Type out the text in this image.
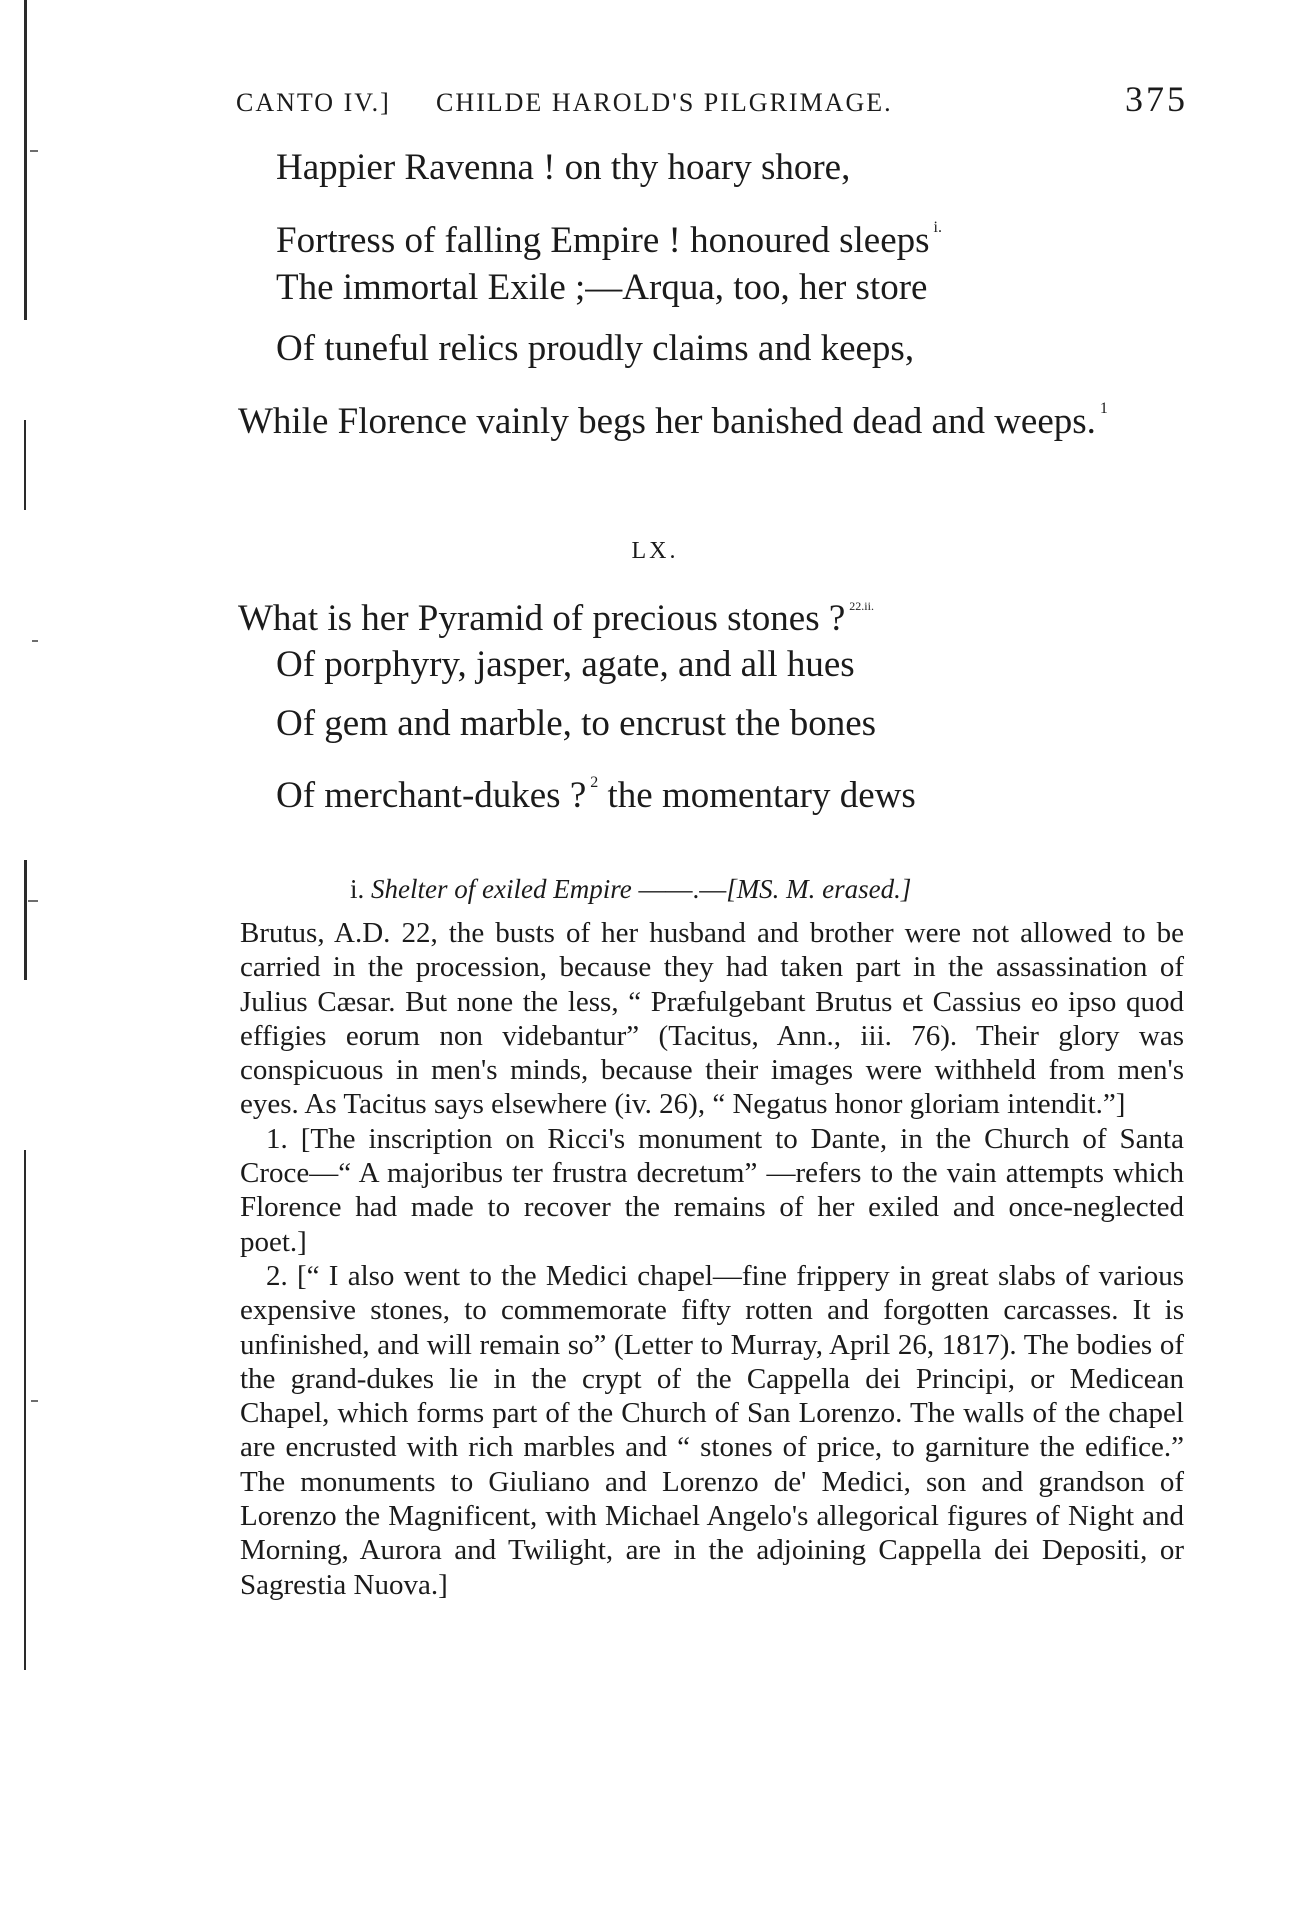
CANTO IV.] CHILDE HAROLD'S PILGRIMAGE.	375
Happier Ravenna ! on thy hoary shore,
Fortress of falling Empire ! honoured sleeps $^{i.}$
The immortal Exile ;—Arqua, too, her store
Of tuneful relics proudly claims and keeps,
While Florence vainly begs her banished dead and weeps. $^1$
LX.
What is her Pyramid of precious stones ? $^{22.ii.}$
Of porphyry, jasper, agate, and all hues
Of gem and marble, to encrust the bones
Of merchant-dukes ? $^2$ the momentary dews
i. Shelter of exiled Empire ——.—[MS. M. erased.]

Brutus, A.D. 22, the busts of her husband and brother were not allowed to be carried in the procession, because they had taken part in the assassination of Julius Cæsar. But none the less, “ Præfulgebant Brutus et Cassius eo ipso quod effigies eorum non videbantur” (Tacitus, Ann., iii. 76). Their glory was conspicuous in men's minds, because their images were withheld from men's eyes. As Tacitus says elsewhere (iv. 26), “ Negatus honor gloriam intendit.”]

1. [The inscription on Ricci's monument to Dante, in the Church of Santa Croce—“ A majoribus ter frustra decretum” —refers to the vain attempts which Florence had made to recover the remains of her exiled and once-neglected poet.]

2. [“ I also went to the Medici chapel—fine frippery in great slabs of various expensive stones, to commemorate fifty rotten and forgotten carcasses. It is unfinished, and will remain so” (Letter to Murray, April 26, 1817). The bodies of the grand-dukes lie in the crypt of the Cappella dei Principi, or Medicean Chapel, which forms part of the Church of San Lorenzo. The walls of the chapel are encrusted with rich marbles and “ stones of price, to garniture the edifice.” The monuments to Giuliano and Lorenzo de' Medici, son and grandson of Lorenzo the Magnificent, with Michael Angelo's allegorical figures of Night and Morning, Aurora and Twilight, are in the adjoining Cappella dei Depositi, or Sagrestia Nuova.]
